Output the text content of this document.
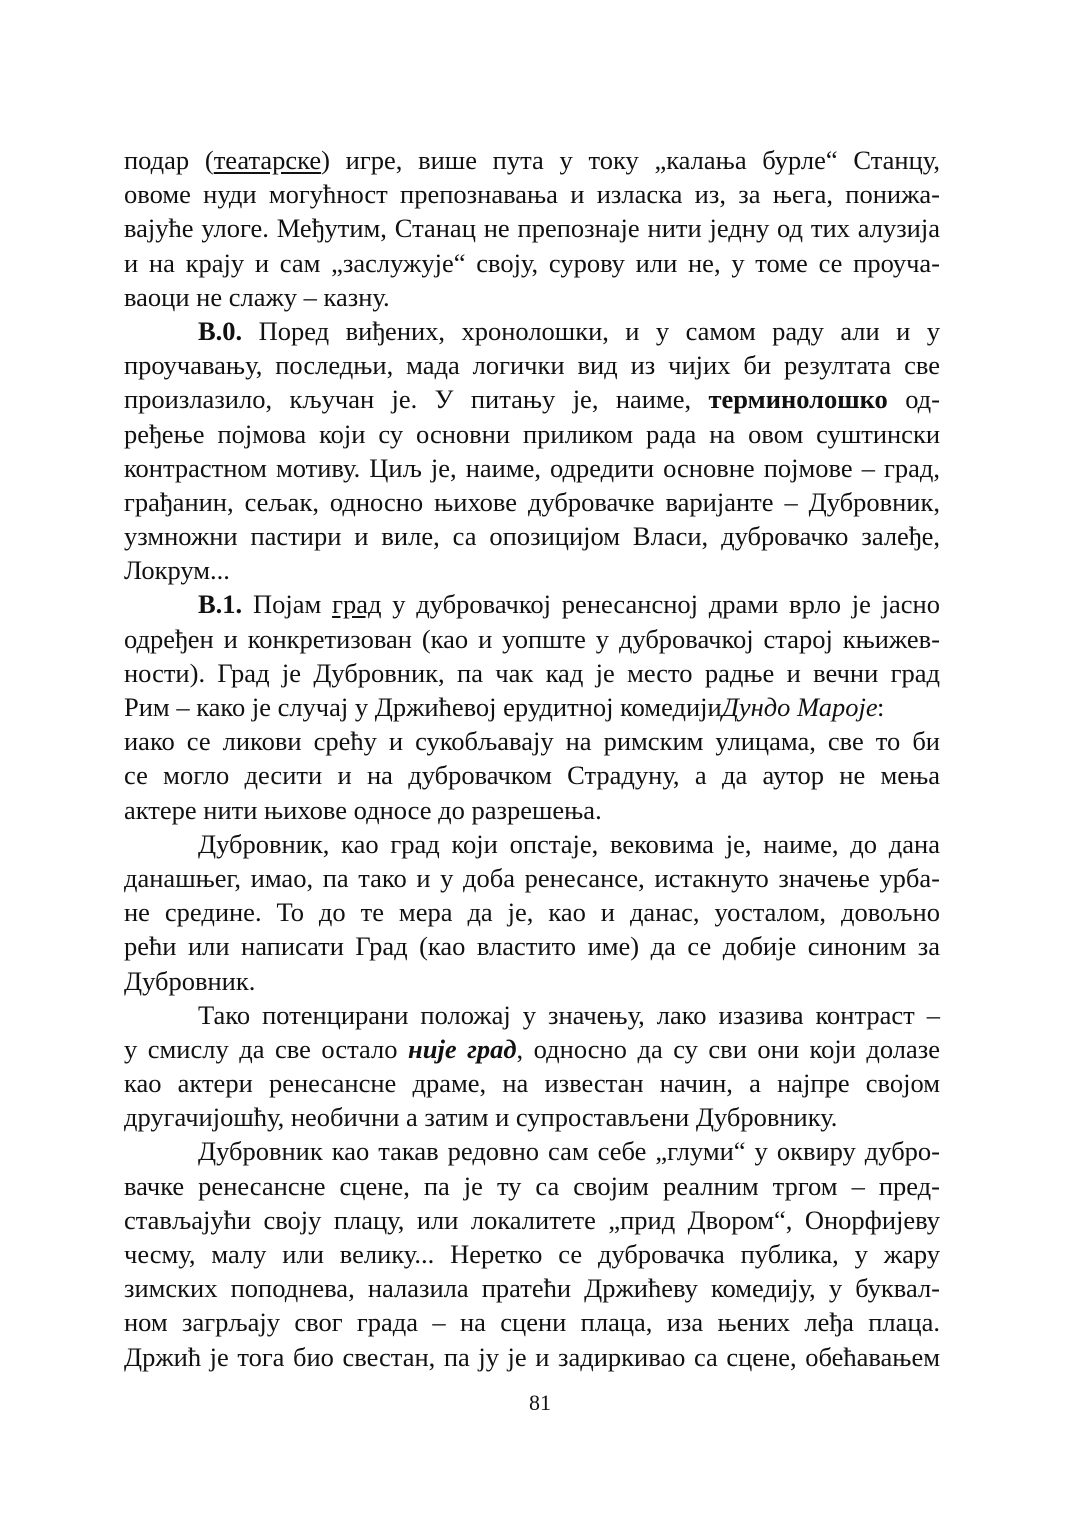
подар (театарске) игре, више пута у току „калања бурле“ Станцу,
овоме нуди могућност препознавања и изласка из, за њега, понижа-
вајуће улоге. Међутим, Станац не препознаје нити једну од тих алузија
и на крају и сам „заслужује“ своју, сурову или не, у томе се проуча-
ваоци не слажу – казну.
В.0. Поред виђених, хронолошки, и у самом раду али и у
проучавању, последњи, мада логички вид из чијих би резултата све
произлазило, кључан је. У питању је, наиме, терминолошко од-
ређење појмова који су основни приликом рада на овом суштински
контрастном мотиву. Циљ је, наиме, одредити основне појмове – град,
грађанин, сељак, односно њихове дубровачке варијанте – Дубровник,
узмножни пастири и виле, са опозицијом Власи, дубровачко залеђе,
Локрум...
В.1. Појам град у дубровачкој ренесансној драми врло је јасно
одређен и конкретизован (као и уопште у дубровачкој старој књижев-
ности). Град је Дубровник, па чак кад је место радње и вечни град
Рим – како је случај у Држићевој ерудитној комедијиДундо Мароје:
иако се ликови срећу и сукобљавају на римским улицама, све то би
се могло десити и на дубровачком Страдуну, а да аутор не мења
актере нити њихове односе до разрешења.
Дубровник, као град који опстаје, вековима је, наиме, до дана
данашњег, имао, па тако и у доба ренесансе, истакнуто значење урба-
не средине. То до те мера да је, као и данас, уосталом, довољно
рећи или написати Град (као властито име) да се добије синоним за
Дубровник.
Тако потенцирани положај у значењу, лако изазива контраст –
у смислу да све остало није град, односно да су сви они који долазе
као актери ренесансне драме, на известан начин, а најпре својом
другачијошћу, необични а затим и супростављени Дубровнику.
Дубровник као такав редовно сам себе „глуми“ у оквиру дубро-
вачке ренесансне сцене, па је ту са својим реалним тргом – пред-
стављајући своју плацу, или локалитете „прид Двором“, Онорфијеву
чесму, малу или велику... Неретко се дубровачка публика, у жару
зимских поподнева, налазила пратећи Држићеву комедију, у буквал-
ном загрљају свог града – на сцени плаца, иза њених леђа плаца.
Држић је тога био свестан, па ју је и задиркивао са сцене, обећавањем
81
